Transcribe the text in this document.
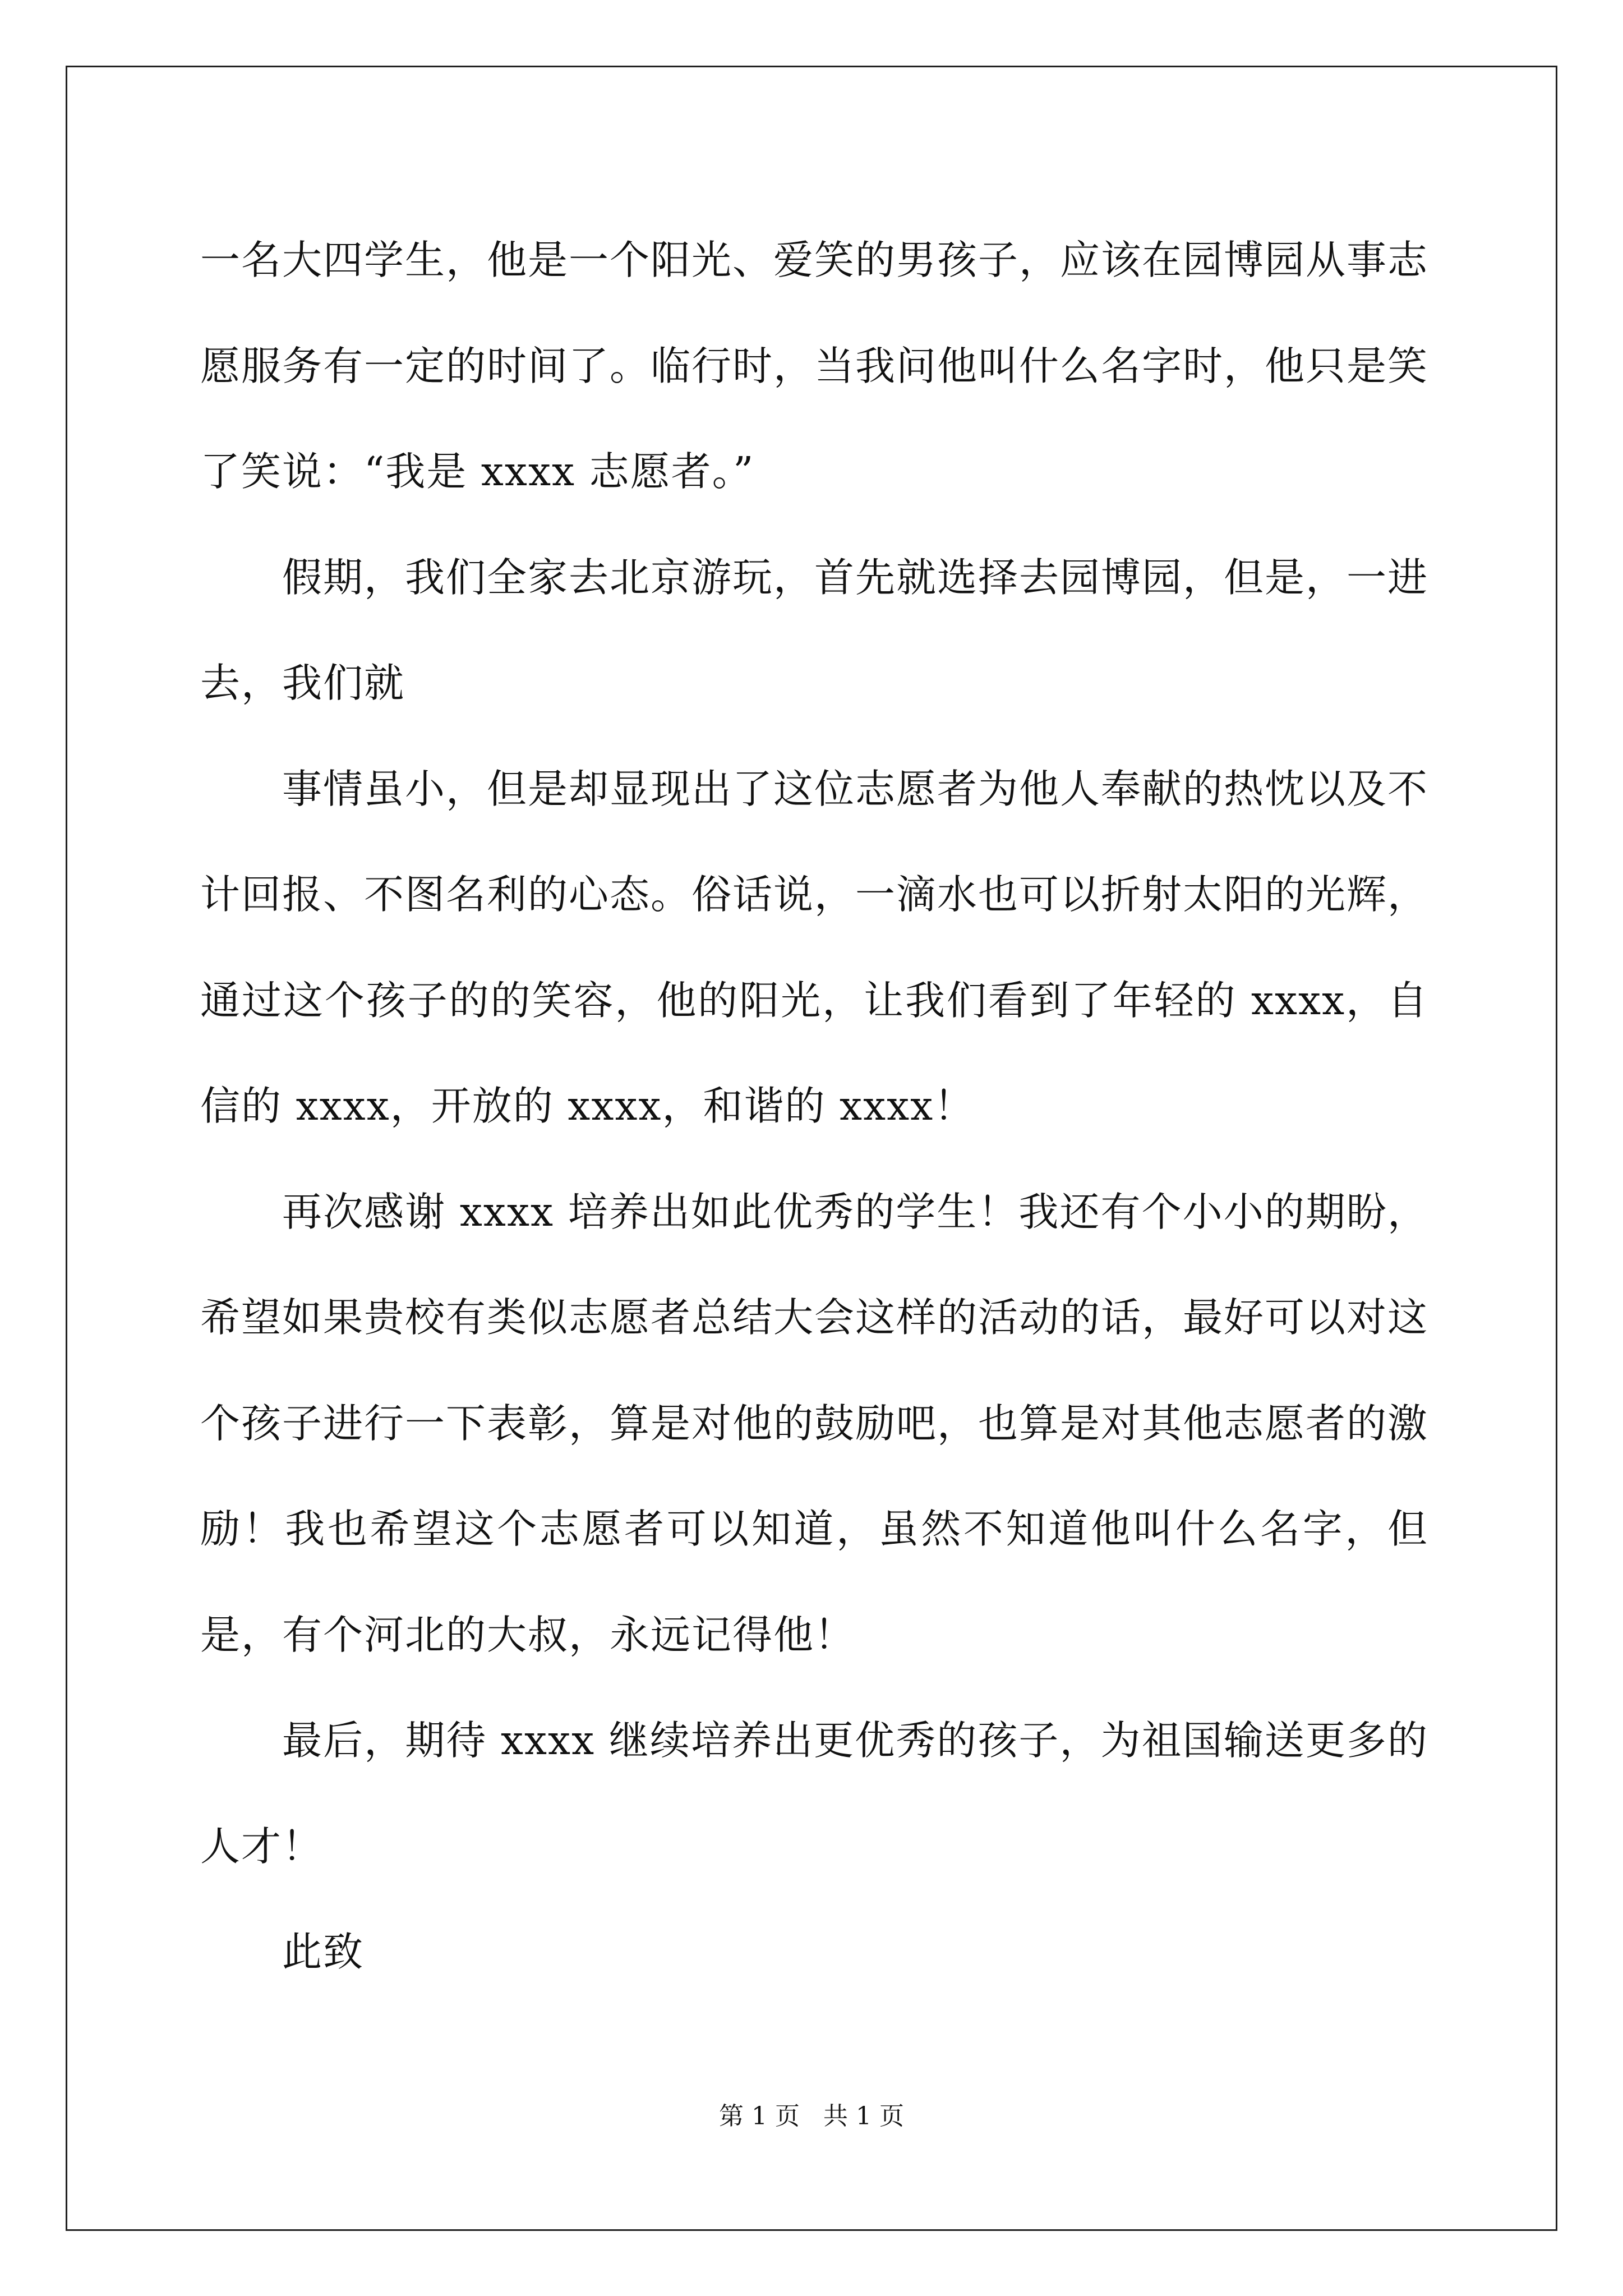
一名大四学生，他是一个阳光、爱笑的男孩子，应该在园博园从事志愿服务有一定的时间了。临行时，当我问他叫什么名字时，他只是笑了笑说：“我是 xxxx 志愿者。”

假期，我们全家去北京游玩，首先就选择去园博园，但是，一进去，我们就

事情虽小，但是却显现出了这位志愿者为他人奉献的热忱以及不计回报、不图名利的心态。俗话说，一滴水也可以折射太阳的光辉，通过这个孩子的的笑容，他的阳光，让我们看到了年轻的 xxxx，自信的 xxxx，开放的 xxxx，和谐的 xxxx！

再次感谢 xxxx 培养出如此优秀的学生！我还有个小小的期盼，希望如果贵校有类似志愿者总结大会这样的活动的话，最好可以对这个孩子进行一下表彰，算是对他的鼓励吧，也算是对其他志愿者的激励！我也希望这个志愿者可以知道，虽然不知道他叫什么名字，但是，有个河北的大叔，永远记得他！

最后，期待 xxxx 继续培养出更优秀的孩子，为祖国输送更多的人才！

此致

第 1 页   共 1 页
